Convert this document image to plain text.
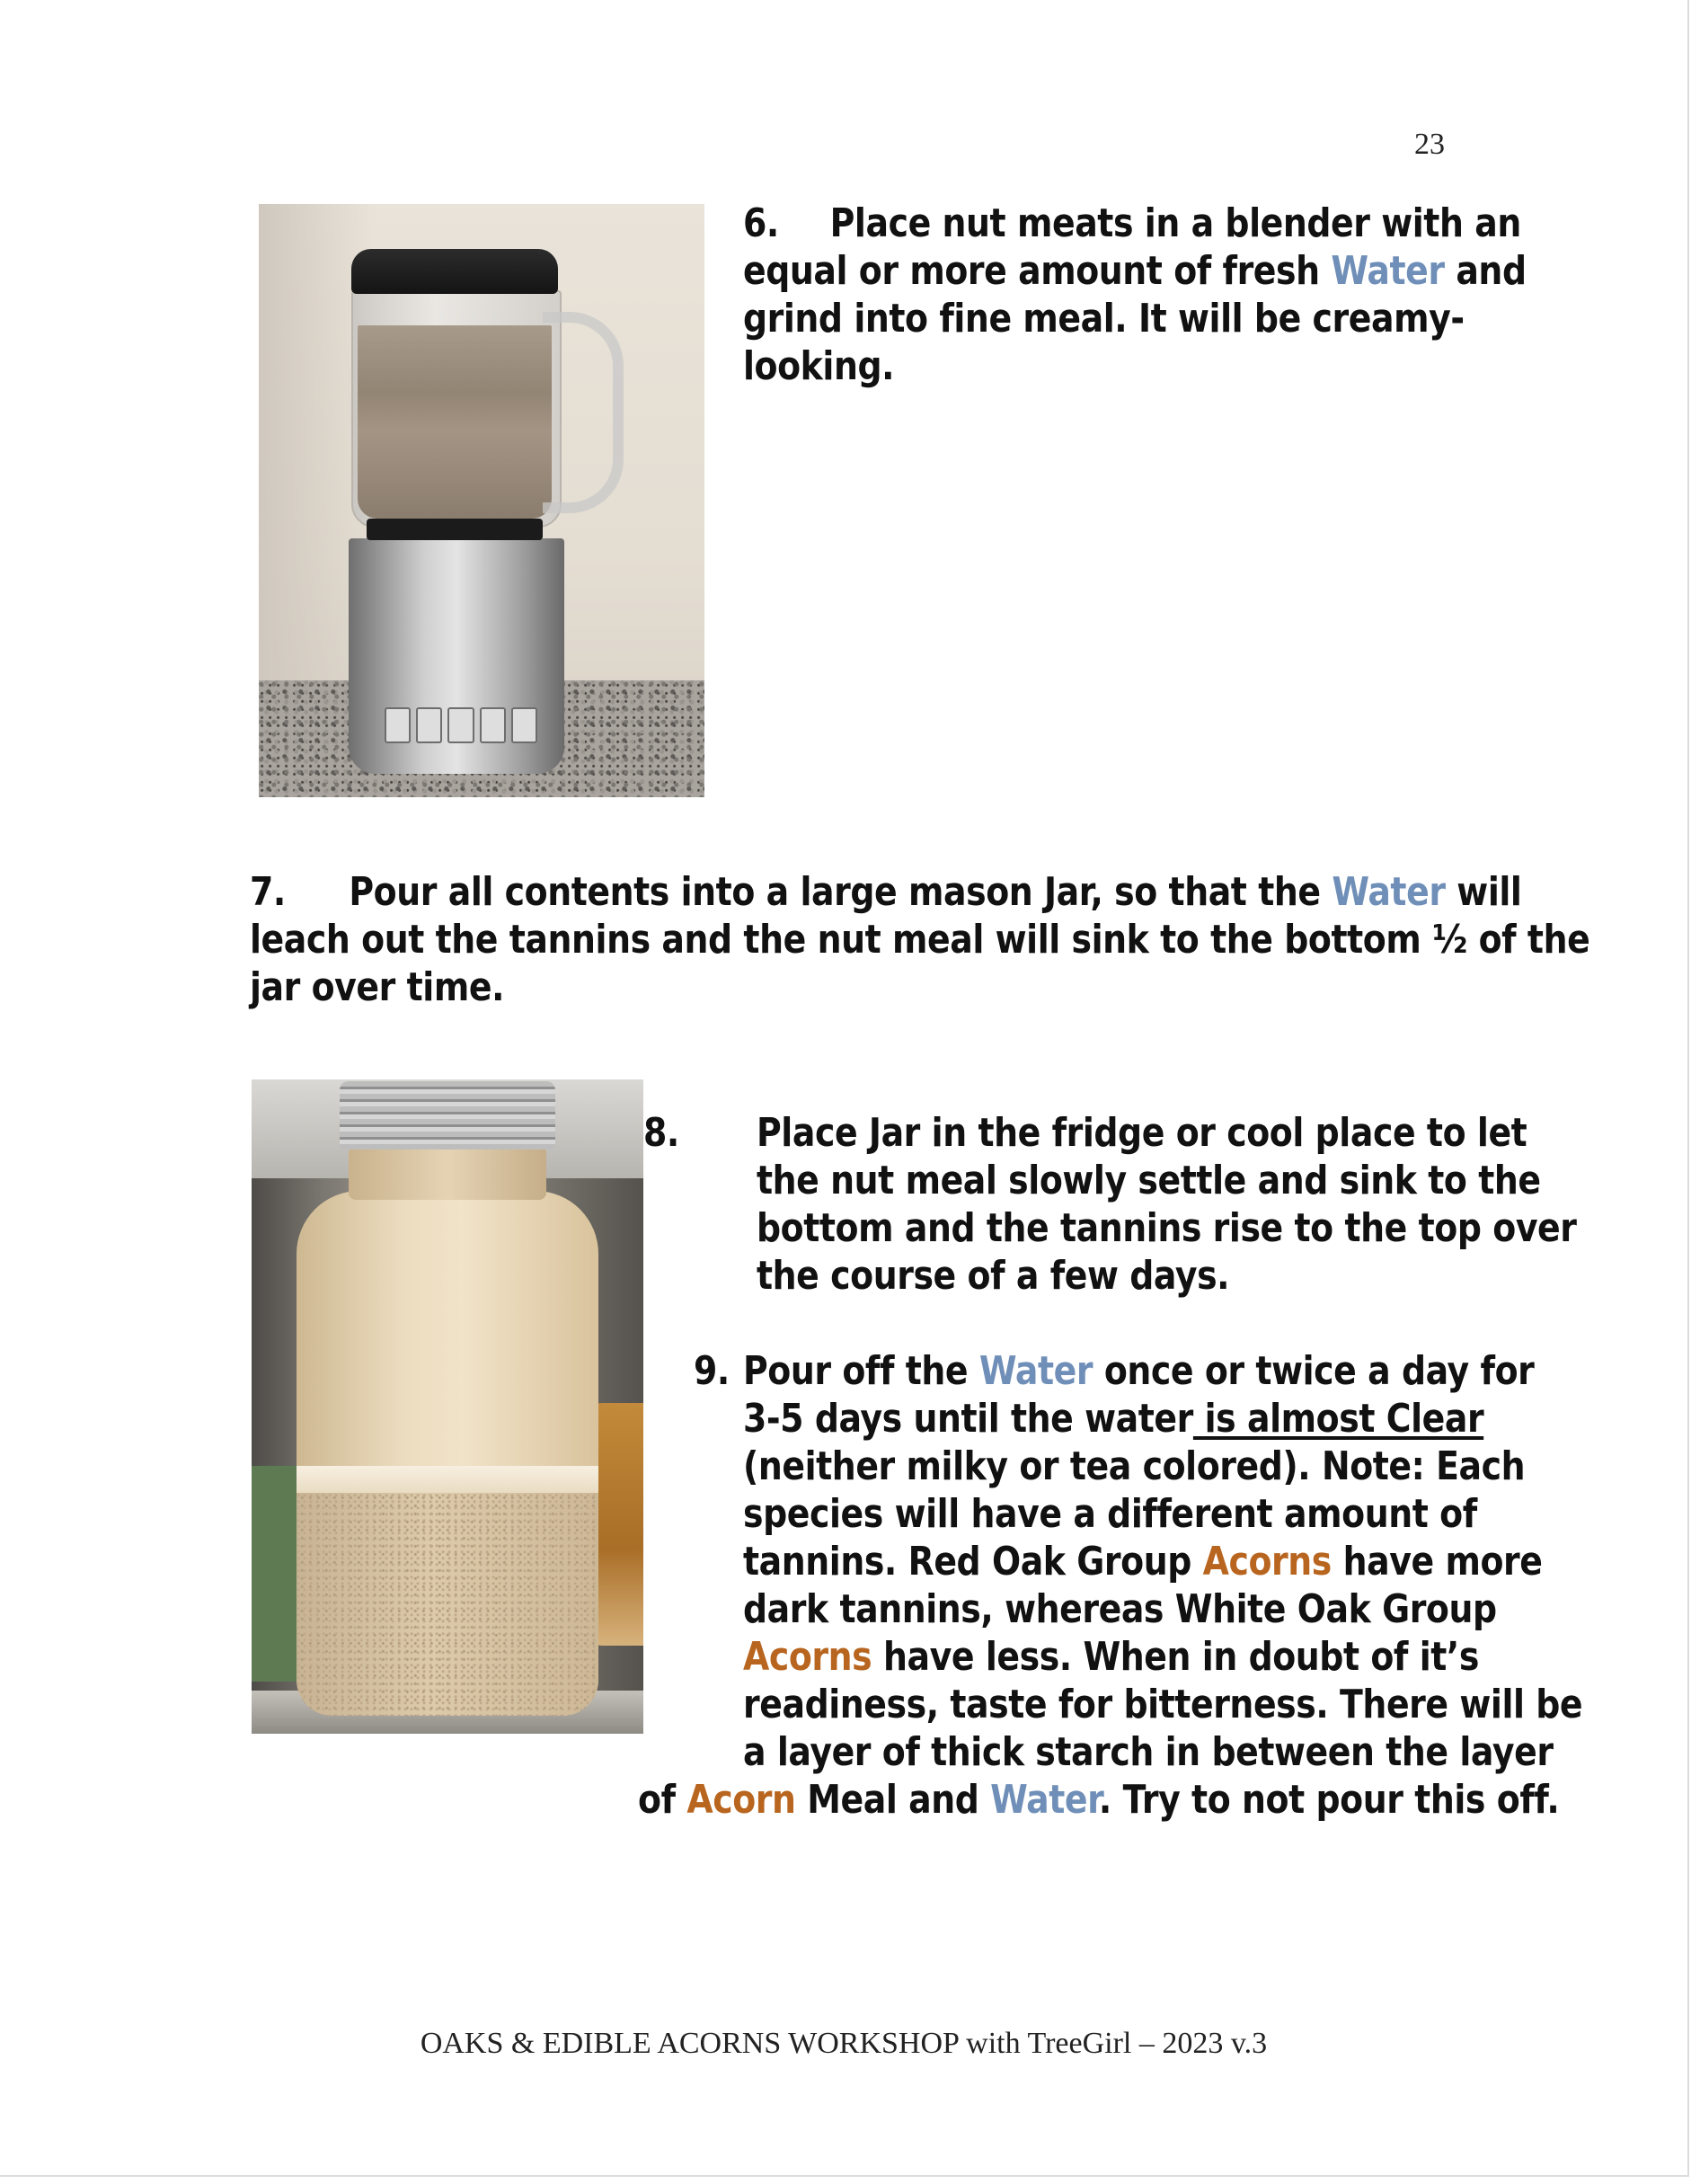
23
6. Place nut meats in a blender with an
equal or more amount of fresh Water and
grind into fine meal. It will be creamy-
looking.
7. Pour all contents into a large mason Jar, so that the Water will
leach out the tannins and the nut meal will sink to the bottom ½ of the
jar over time.
8. Place Jar in the fridge or cool place to let
the nut meal slowly settle and sink to the
bottom and the tannins rise to the top over
the course of a few days.
9. Pour off the Water once or twice a day for
3-5 days until the water is almost Clear
(neither milky or tea colored). Note: Each
species will have a different amount of
tannins. Red Oak Group Acorns have more
dark tannins, whereas White Oak Group
Acorns have less. When in doubt of it’s
readiness, taste for bitterness. There will be
a layer of thick starch in between the layer
of Acorn Meal and Water. Try to not pour this off.
OAKS & EDIBLE ACORNS WORKSHOP with TreeGirl – 2023 v.3
